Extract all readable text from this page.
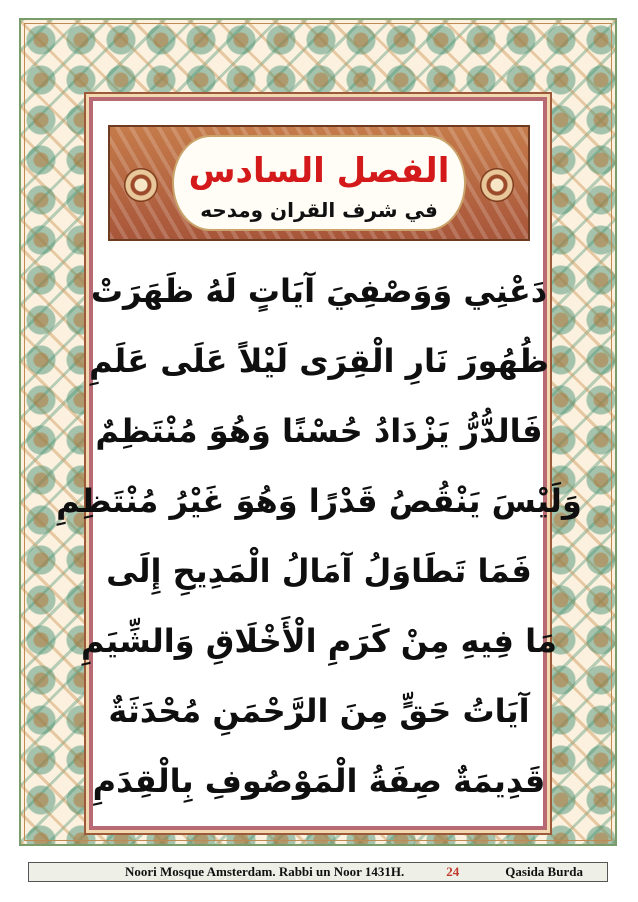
الفصل السادس
في شرف القران ومدحه
دَعْنِي وَوَصْفِيَ آيَاتٍ لَهُ ظَهَرَتْ
ظُهُورَ نَارِ الْقِرَى لَيْلاً عَلَى عَلَمِ
فَالدُّرُّ يَزْدَادُ حُسْنًا وَهُوَ مُنْتَظِمٌ
وَلَيْسَ يَنْقُصُ قَدْرًا وَهُوَ غَيْرُ مُنْتَظِمِ
فَمَا تَطَاوَلُ آمَالُ الْمَدِيحِ إِلَى
مَا فِيهِ مِنْ كَرَمِ الْأَخْلَاقِ وَالشِّيَمِ
آيَاتُ حَقٍّ مِنَ الرَّحْمَنِ مُحْدَثَةٌ
قَدِيمَةٌ صِفَةُ الْمَوْصُوفِ بِالْقِدَمِ
Noori Mosque Amsterdam. Rabbi un Noor 1431H.	24	Qasida Burda
